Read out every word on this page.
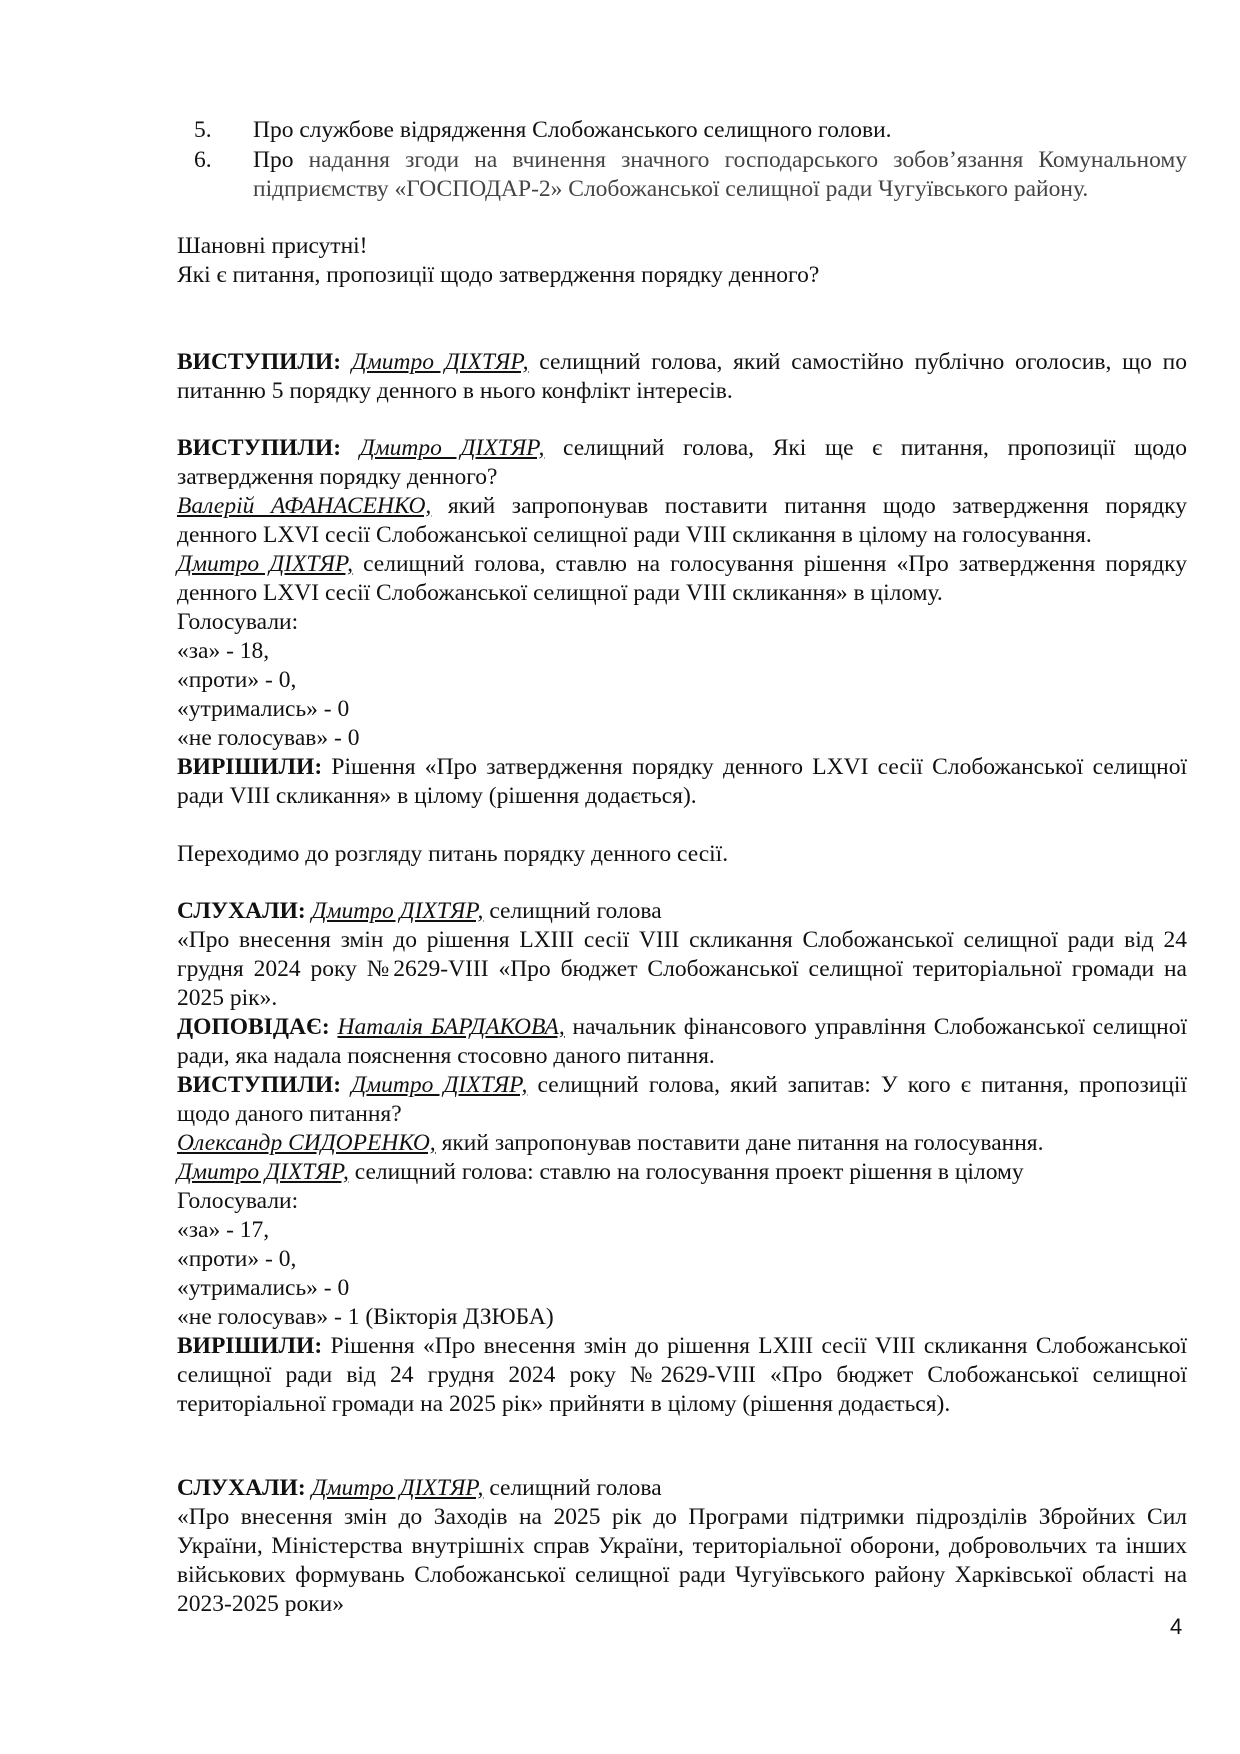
5. Про службове відрядження Слобожанського селищного голови.
6. Про надання згоди на вчинення значного господарського зобов’язання Комунальному підприємству «ГОСПОДАР-2» Слобожанської селищної ради Чугуївського району.

Шановні присутні!

Які є питання, пропозиції щодо затвердження порядку денного?

ВИСТУПИЛИ: Дмитро ДІХТЯР, селищний голова, який самостійно публічно оголосив, що по питанню 5 порядку денного в нього конфлікт інтересів.

ВИСТУПИЛИ: Дмитро ДІХТЯР, селищний голова, Які ще є питання, пропозиції щодо затвердження порядку денного?

Валерій АФАНАСЕНКО, який запропонував поставити питання щодо затвердження порядку денного LXVI сесії Слобожанської селищної ради VIII скликання в цілому на голосування.

Дмитро ДІХТЯР, селищний голова, ставлю на голосування рішення «Про затвердження порядку денного LXVI сесії Слобожанської селищної ради VIII скликання» в цілому.

Голосували:

«за» - 18,

«проти» - 0,

«утримались» - 0

«не голосував» - 0

ВИРІШИЛИ: Рішення «Про затвердження порядку денного LXVI сесії Слобожанської селищної ради VIII скликання» в цілому (рішення додається).

Переходимо до розгляду питань порядку денного сесії.

СЛУХАЛИ: Дмитро ДІХТЯР, селищний голова

«Про внесення змін до рішення LXIII сесії VIII скликання Слобожанської селищної ради від 24 грудня 2024 року №2629-VIII «Про бюджет Слобожанської селищної територіальної громади на 2025 рік».

ДОПОВІДАЄ: Наталія БАРДАКОВА, начальник фінансового управління Слобожанської селищної ради, яка надала пояснення стосовно даного питання.

ВИСТУПИЛИ: Дмитро ДІХТЯР, селищний голова, який запитав: У кого є питання, пропозиції щодо даного питання?

Олександр СИДОРЕНКО, який запропонував поставити дане питання на голосування.

Дмитро ДІХТЯР, селищний голова: ставлю на голосування проект рішення в цілому

Голосували:

«за» - 17,

«проти» - 0,

«утримались» - 0

«не голосував» - 1 (Вікторія ДЗЮБА)

ВИРІШИЛИ: Рішення «Про внесення змін до рішення LXIII сесії VIII скликання Слобожанської селищної ради від 24 грудня 2024 року №2629-VIII «Про бюджет Слобожанської селищної територіальної громади на 2025 рік» прийняти в цілому (рішення додається).

СЛУХАЛИ: Дмитро ДІХТЯР, селищний голова

«Про внесення змін до Заходів на 2025 рік до Програми підтримки підрозділів Збройних Сил України, Міністерства внутрішніх справ України, територіальної оборони, добровольчих та інших військових формувань Слобожанської селищної ради Чугуївського району Харківської області на 2023-2025 роки»

4
